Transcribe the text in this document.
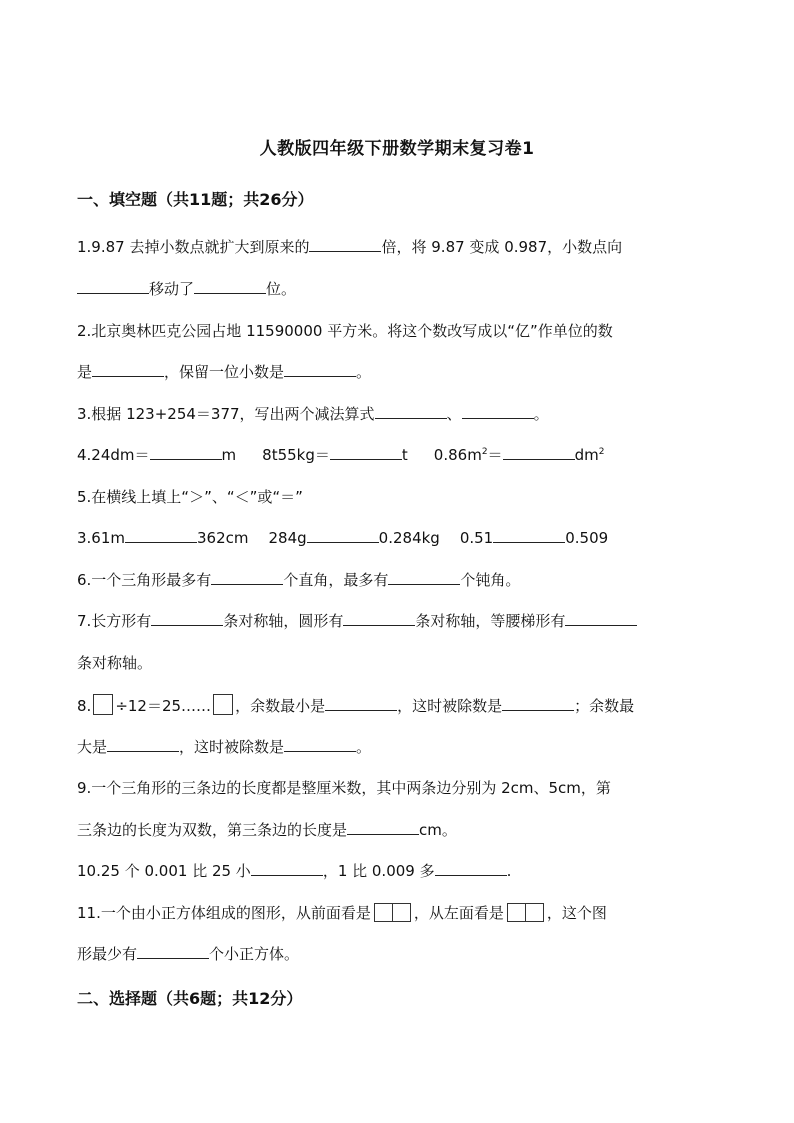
人教版四年级下册数学期末复习卷1
一、填空题（共11题；共26分）
1.9.87 去掉小数点就扩大到原来的	倍，将 9.87 变成 0.987，小数点向
移动了	位。
2.北京奥林匹克公园占地 11590000 平方米。将这个数改写成以“亿”作单位的数
是	，保留一位小数是	。
3.根据 123+254＝377，写出两个减法算式	、	。
4.24dm＝	m 8t55kg＝	t $0.86m^2=$	$dm^2$
5.在横线上填上“＞”、“＜”或“＝”
3.61m	362cm 284g	0.284kg 0.51	0.509
6.一个三角形最多有	个直角，最多有	个钝角。
7.长方形有	条对称轴，圆形有	条对称轴，等腰梯形有
条对称轴。
8. ÷12＝25…… ，余数最小是	，这时被除数是	；余数最
大是	，这时被除数是	。
9.一个三角形的三条边的长度都是整厘米数，其中两条边分别为 2cm、5cm，第
三条边的长度为双数，第三条边的长度是	cm。
10.25 个 0.001 比 25 小	，1 比 0.009 多	.
11.一个由小正方体组成的图形，从前面看是	，从左面看是	，这个图
形最少有	个小正方体。
二、选择题（共6题；共12分）
